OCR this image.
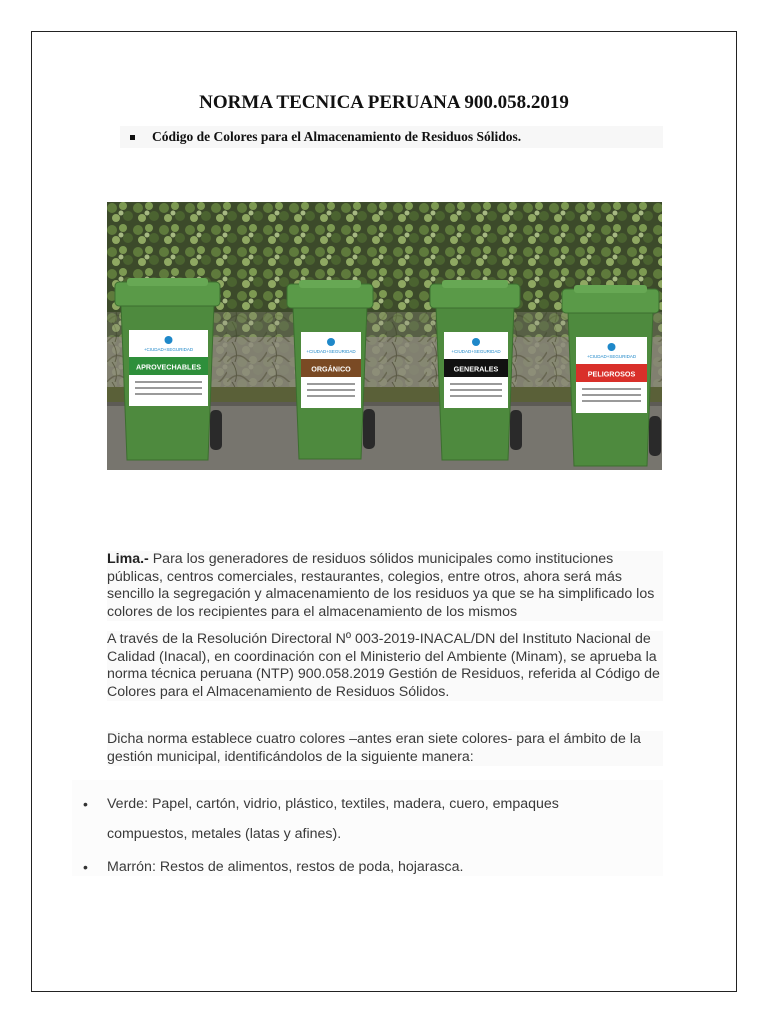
NORMA TECNICA PERUANA 900.058.2019
Código de Colores para el Almacenamiento de Residuos Sólidos.
+CIUDAD+SEGURIDAD
APROVECHABLES
+CIUDAD+SEGURIDAD
ORGÁNICO
+CIUDAD+SEGURIDAD
GENERALES
+CIUDAD+SEGURIDAD
PELIGROSOS
Lima.- Para los generadores de residuos sólidos municipales como instituciones públicas, centros comerciales, restaurantes, colegios, entre otros, ahora será más sencillo la segregación y almacenamiento de los residuos ya que se ha simplificado los colores de los recipientes para el almacenamiento de los mismos
A través de la Resolución Directoral Nº 003-2019-INACAL/DN del Instituto Nacional de Calidad (Inacal), en coordinación con el Ministerio del Ambiente (Minam), se aprueba la norma técnica peruana (NTP) 900.058.2019 Gestión de Residuos, referida al Código de Colores para el Almacenamiento de Residuos Sólidos.
Dicha norma establece cuatro colores –antes eran siete colores- para el ámbito de la gestión municipal, identificándolos de la siguiente manera:
• Verde: Papel, cartón, vidrio, plástico, textiles, madera, cuero, empaques compuestos, metales (latas y afines).
• Marrón: Restos de alimentos, restos de poda, hojarasca.
